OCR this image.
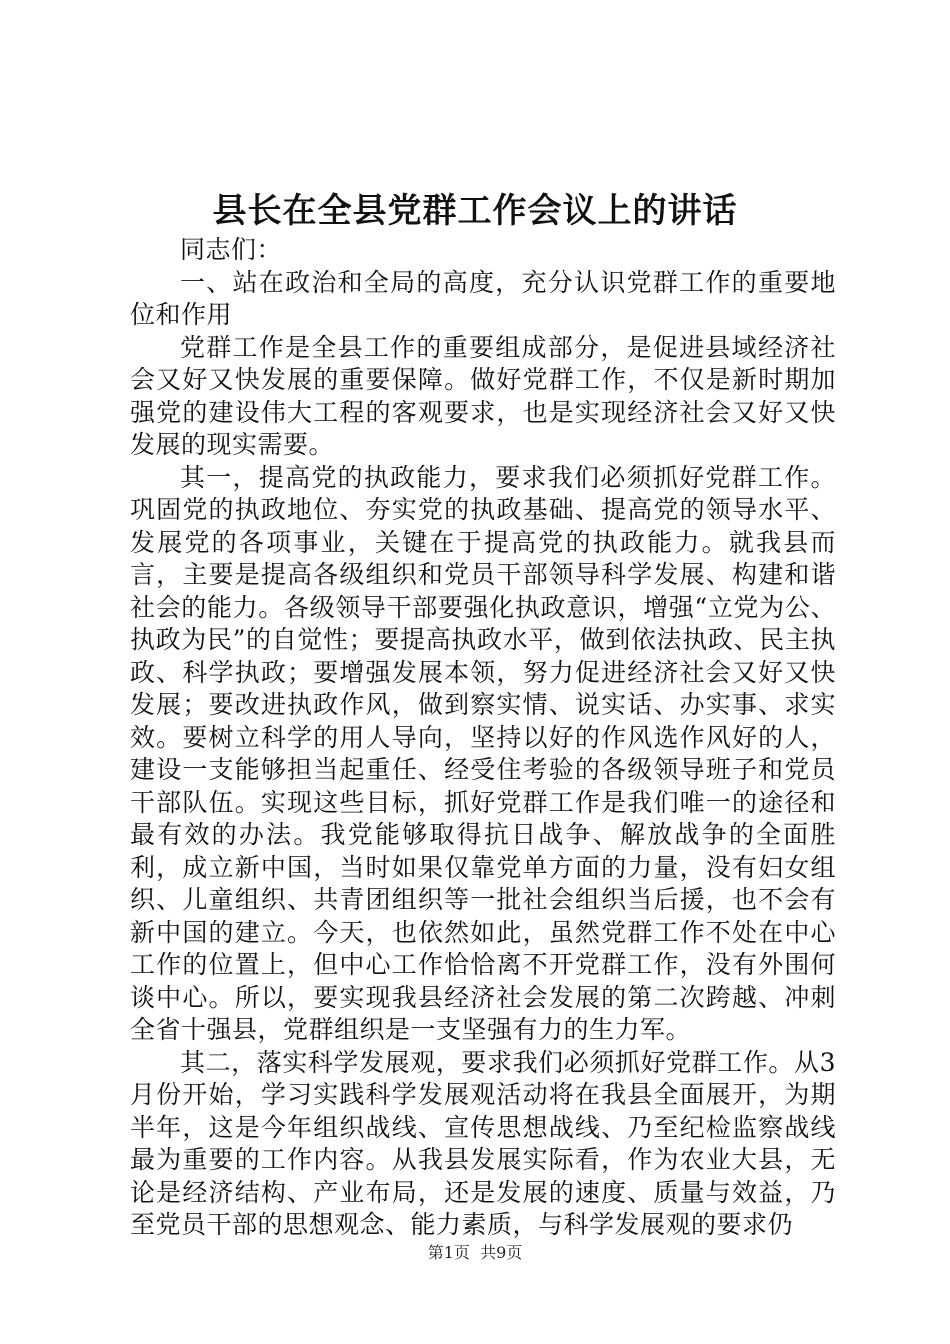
县长在全县党群工作会议上的讲话

同志们：

一、站在政治和全局的高度，充分认识党群工作的重要地位和作用

党群工作是全县工作的重要组成部分，是促进县域经济社会又好又快发展的重要保障。做好党群工作，不仅是新时期加强党的建设伟大工程的客观要求，也是实现经济社会又好又快发展的现实需要。

其一，提高党的执政能力，要求我们必须抓好党群工作。巩固党的执政地位、夯实党的执政基础、提高党的领导水平、发展党的各项事业，关键在于提高党的执政能力。就我县而言，主要是提高各级组织和党员干部领导科学发展、构建和谐社会的能力。各级领导干部要强化执政意识，增强“立党为公、执政为民”的自觉性；要提高执政水平，做到依法执政、民主执政、科学执政；要增强发展本领，努力促进经济社会又好又快发展；要改进执政作风，做到察实情、说实话、办实事、求实效。要树立科学的用人导向，坚持以好的作风选作风好的人，建设一支能够担当起重任、经受住考验的各级领导班子和党员干部队伍。实现这些目标，抓好党群工作是我们唯一的途径和最有效的办法。我党能够取得抗日战争、解放战争的全面胜利，成立新中国，当时如果仅靠党单方面的力量，没有妇女组织、儿童组织、共青团组织等一批社会组织当后援，也不会有新中国的建立。今天，也依然如此，虽然党群工作不处在中心工作的位置上，但中心工作恰恰离不开党群工作，没有外围何谈中心。所以，要实现我县经济社会发展的第二次跨越、冲刺全省十强县，党群组织是一支坚强有力的生力军。

其二，落实科学发展观，要求我们必须抓好党群工作。从3月份开始，学习实践科学发展观活动将在我县全面展开，为期半年，这是今年组织战线、宣传思想战线、乃至纪检监察战线最为重要的工作内容。从我县发展实际看，作为农业大县，无论是经济结构、产业布局，还是发展的速度、质量与效益，乃至党员干部的思想观念、能力素质，与科学发展观的要求仍

第1页  共9页
